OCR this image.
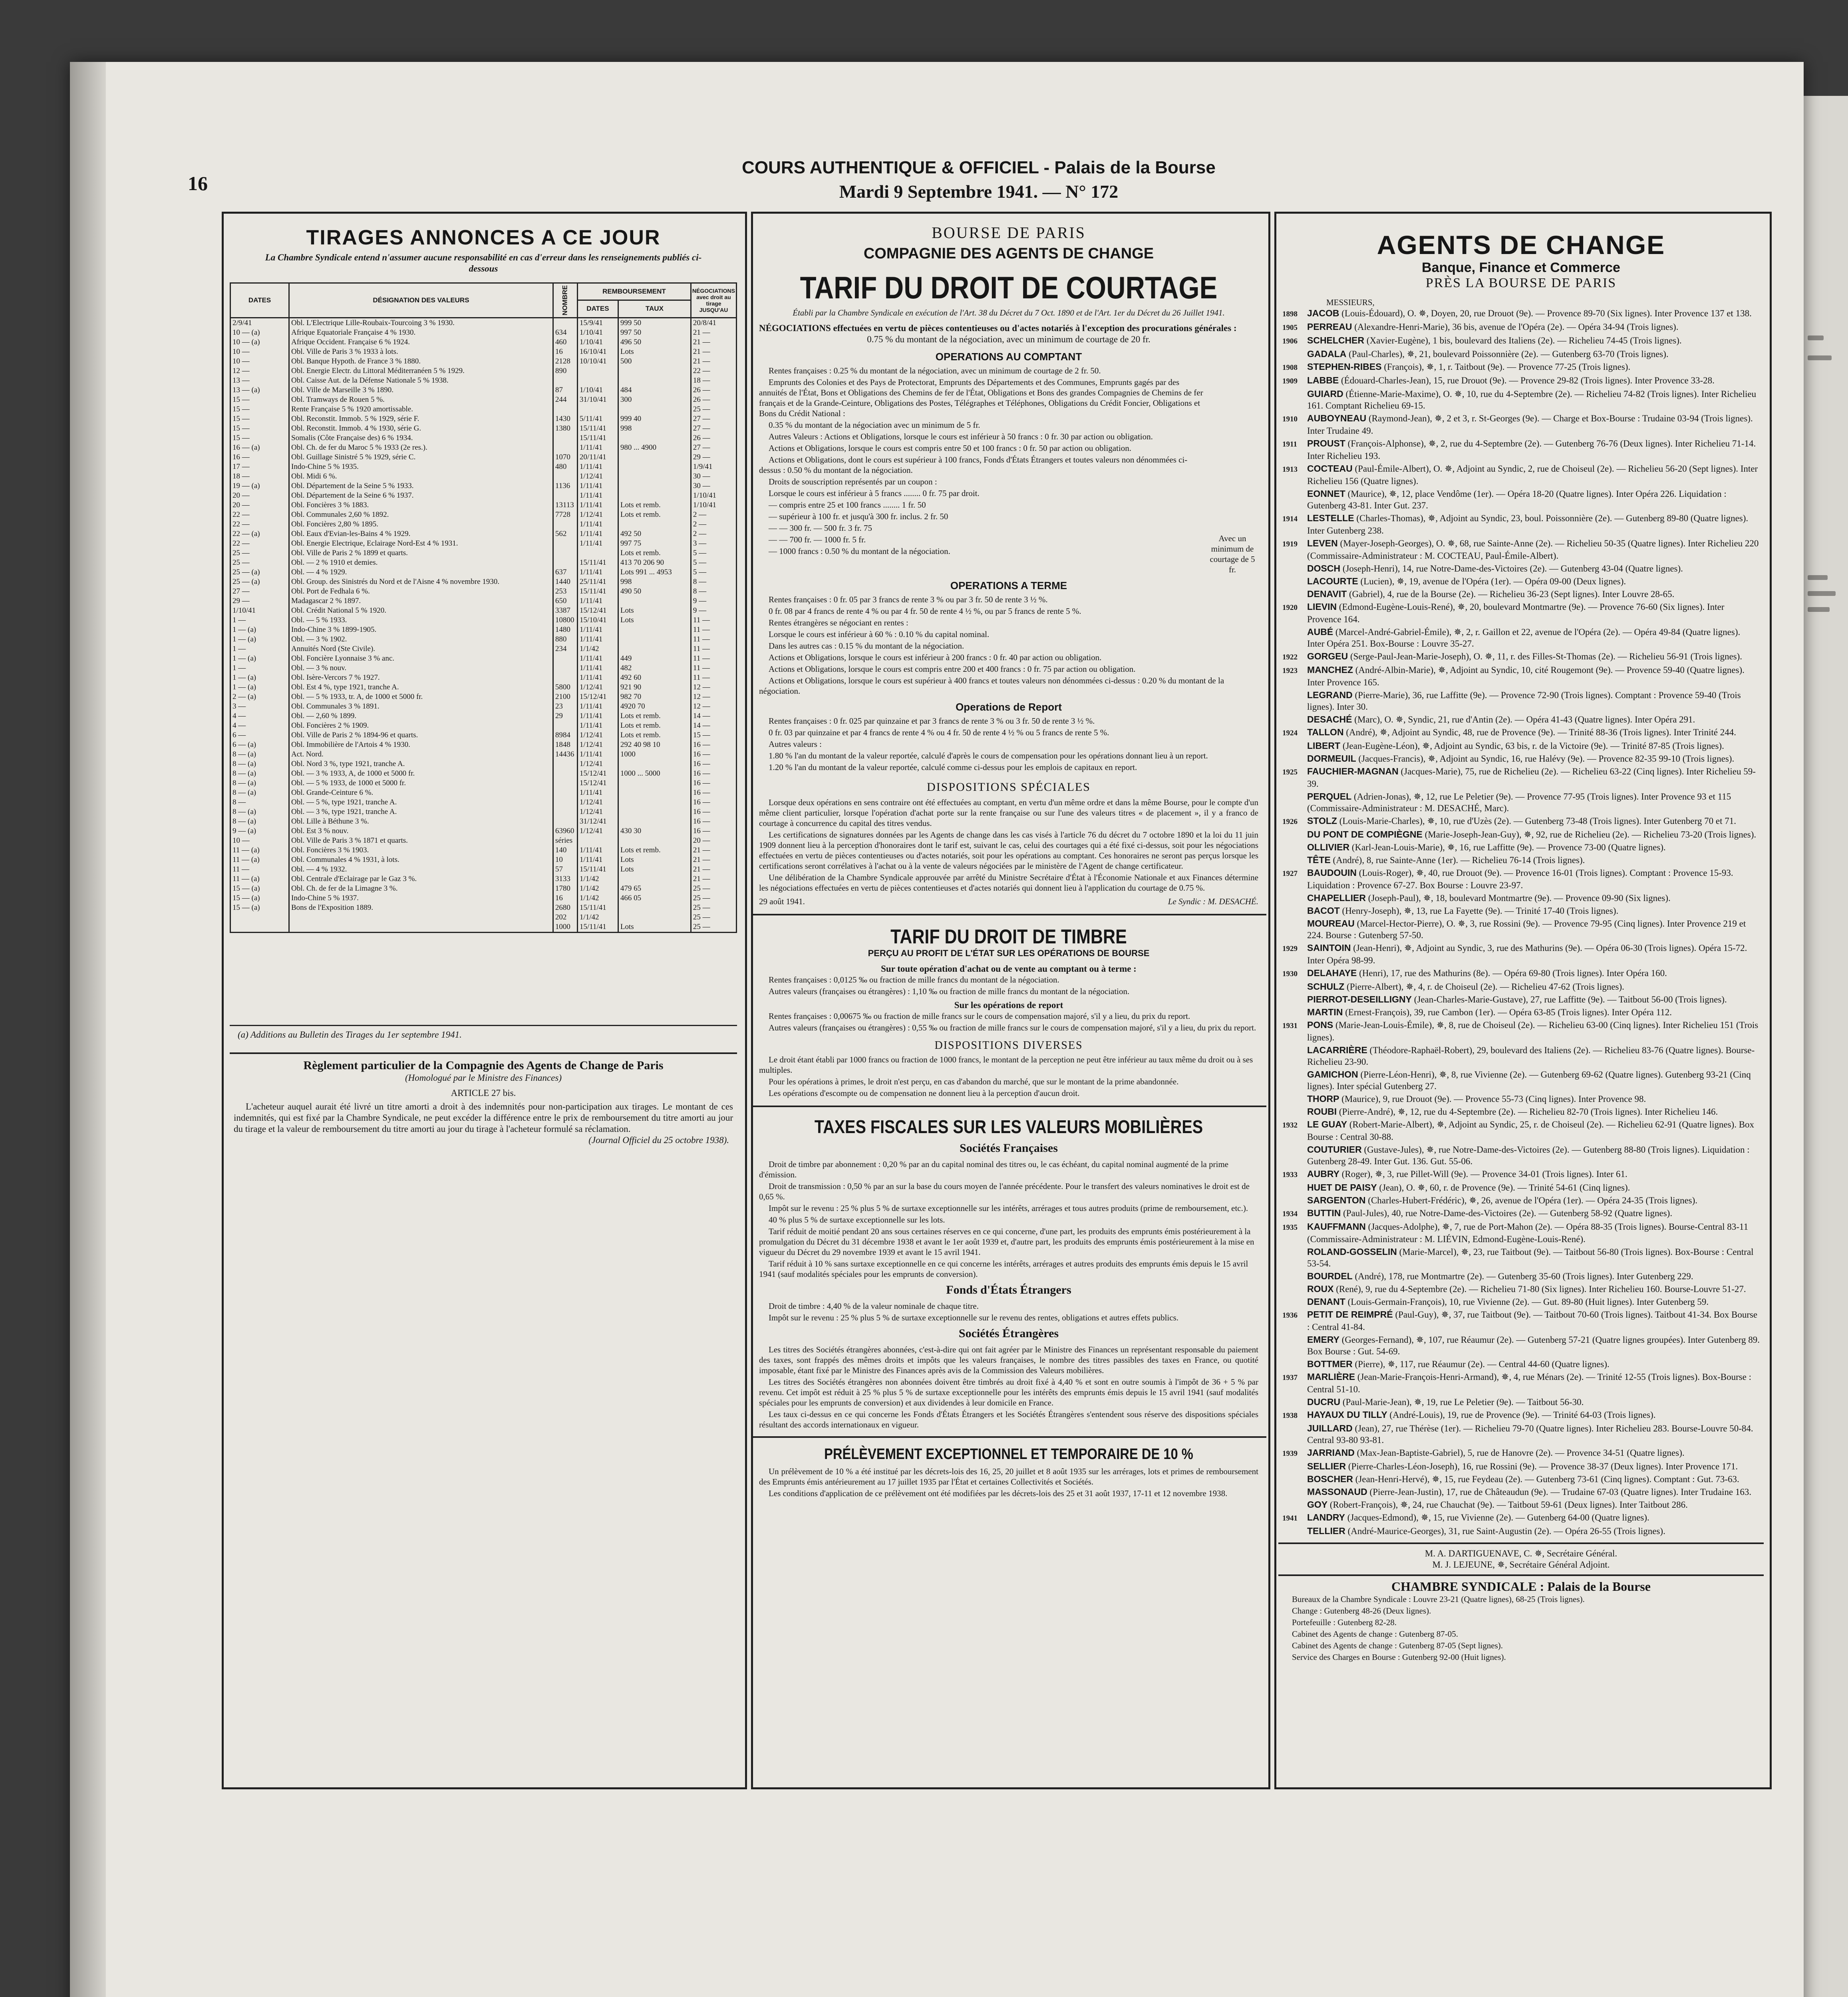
16
COURS AUTHENTIQUE & OFFICIEL - Palais de la Bourse
Mardi 9 Septembre 1941. — N° 172
TIRAGES ANNONCES A CE JOUR
La Chambre Syndicale entend n'assumer aucune responsabilité en cas d'erreur dans les renseignements publiés ci-dessous
DATES	DÉSIGNATION DES VALEURS	NOMBRE	REMBOURSEMENT		NÉGOCIATIONS avec droit au tirage JUSQU'AU
			DATES	TAUX	
2/9/41	Obl. L'Electrique Lille-Roubaix-Tourcoing 3 % 1930.		15/9/41	999 50	20/8/41
10 — (a)	Afrique Equatoriale Française 4 % 1930.	634	1/10/41	997 50	21 —
10 — (a)	Afrique Occident. Française 6 % 1924.	460	1/10/41	496 50	21 —
10 —	Obl. Ville de Paris 3 % 1933 à lots.	16	16/10/41	Lots	21 —
10 —	Obl. Banque Hypoth. de France 3 % 1880.	2128	10/10/41	500	21 —
12 —	Obl. Energie Electr. du Littoral Méditerranéen 5 % 1929.	890			22 —
13 —	Obl. Caisse Aut. de la Défense Nationale 5 % 1938.				18 —
13 — (a)	Obl. Ville de Marseille 3 % 1890.	87	1/10/41	484	26 —
15 —	Obl. Tramways de Rouen 5 %.	244	31/10/41	300	26 —
15 —	Rente Française 5 % 1920 amortissable.				25 —
15 —	Obl. Reconstit. Immob. 5 % 1929, série F.	1430	5/11/41	999 40	27 —
15 —	Obl. Reconstit. Immob. 4 % 1930, série G.	1380	15/11/41	998	27 —
15 —	Somalis (Côte Française des) 6 % 1934.		15/11/41		26 —
16 — (a)	Obl. Ch. de fer du Maroc 5 % 1933 (2e res.).		1/11/41	980 ... 4900	27 —
16 —	Obl. Guillage Sinistré 5 % 1929, série C.	1070	20/11/41		29 —
17 —	Indo-Chine 5 % 1935.	480	1/11/41		1/9/41
18 —	Obl. Midi 6 %.		1/12/41		30 —
19 — (a)	Obl. Département de la Seine 5 % 1933.	1136	1/11/41		30 —
20 —	Obl. Département de la Seine 6 % 1937.		1/11/41		1/10/41
20 —	Obl. Foncières 3 % 1883.	13113	1/11/41	Lots et remb.	1/10/41
22 —	Obl. Communales 2,60 % 1892.	7728	1/12/41	Lots et remb.	2 —
22 —	Obl. Foncières 2,80 % 1895.		1/11/41		2 —
22 — (a)	Obl. Eaux d'Evian-les-Bains 4 % 1929.	562	1/11/41	492 50	2 —
22 —	Obl. Energie Electrique, Eclairage Nord-Est 4 % 1931.		1/11/41	997 75	3 —
25 —	Obl. Ville de Paris 2 % 1899 et quarts.			Lots et remb.	5 —
25 —	Obl. — 2 % 1910 et demies.		15/11/41	413 70 206 90	5 —
25 — (a)	Obl. — 4 % 1929.	637	1/11/41	Lots 991 ... 4953	5 —
25 — (a)	Obl. Group. des Sinistrés du Nord et de l'Aisne 4 % novembre 1930.	1440	25/11/41	998	8 —
27 —	Obl. Port de Fedhala 6 %.	253	15/11/41	490 50	8 —
29 —	Madagascar 2 % 1897.	650	1/11/41		9 —
1/10/41	Obl. Crédit National 5 % 1920.	3387	15/12/41	Lots	9 —
1 —	Obl. — 5 % 1933.	10800	15/10/41	Lots	11 —
1 — (a)	Indo-Chine 3 % 1899-1905.	1480	1/11/41		11 —
1 — (a)	Obl. — 3 % 1902.	880	1/11/41		11 —
1 —	Annuités Nord (Ste Civile).	234	1/1/42		11 —
1 — (a)	Obl. Foncière Lyonnaise 3 % anc.		1/11/41	449	11 —
1 —	Obl. — 3 % nouv.		1/11/41	482	11 —
1 — (a)	Obl. Isère-Vercors 7 % 1927.		1/11/41	492 60	11 —
1 — (a)	Obl. Est 4 %, type 1921, tranche A.	5800	1/12/41	921 90	12 —
2 — (a)	Obl. — 5 % 1933, tr. A, de 1000 et 5000 fr.	2100	15/12/41	982 70	12 —
3 —	Obl. Communales 3 % 1891.	23	1/11/41	4920 70	12 —
4 —	Obl. — 2,60 % 1899.	29	1/11/41	Lots et remb.	14 —
4 —	Obl. Foncières 2 % 1909.		1/11/41	Lots et remb.	14 —
6 —	Obl. Ville de Paris 2 % 1894-96 et quarts.	8984	1/12/41	Lots et remb.	15 —
6 — (a)	Obl. Immobilière de l'Artois 4 % 1930.	1848	1/12/41	292 40 98 10	16 —
8 — (a)	Act. Nord.	14436	1/11/41	1000	16 —
8 — (a)	Obl. Nord 3 %, type 1921, tranche A.		1/12/41		16 —
8 — (a)	Obl. — 3 % 1933, A, de 1000 et 5000 fr.		15/12/41	1000 ... 5000	16 —
8 — (a)	Obl. — 5 % 1933, de 1000 et 5000 fr.		15/12/41		16 —
8 — (a)	Obl. Grande-Ceinture 6 %.		1/11/41		16 —
8 —	Obl. — 5 %, type 1921, tranche A.		1/12/41		16 —
8 — (a)	Obl. — 3 %, type 1921, tranche A.		1/12/41		16 —
8 — (a)	Obl. Lille à Béthune 3 %.		31/12/41		16 —
9 — (a)	Obl. Est 3 % nouv.	63960	1/12/41	430 30	16 —
10 —	Obl. Ville de Paris 3 % 1871 et quarts.	séries			20 —
11 — (a)	Obl. Foncières 3 % 1903.	140	1/11/41	Lots et remb.	21 —
11 — (a)	Obl. Communales 4 % 1931, à lots.	10	1/11/41	Lots	21 —
11 —	Obl. — 4 % 1932.	57	15/11/41	Lots	21 —
11 — (a)	Obl. Centrale d'Eclairage par le Gaz 3 %.	3133	1/1/42		21 —
15 — (a)	Obl. Ch. de fer de la Limagne 3 %.	1780	1/1/42	479 65	25 —
15 — (a)	Indo-Chine 5 % 1937.	16	1/1/42	466 05	25 —
15 — (a)	Bons de l'Exposition 1889.	2680	15/11/41		25 —
		202	1/1/42		25 —
		1000	15/11/41	Lots	25 —
(a) Additions au Bulletin des Tirages du 1er septembre 1941.
Règlement particulier de la Compagnie des Agents de Change de Paris
(Homologué par le Ministre des Finances)
ARTICLE 27 bis.
L'acheteur auquel aurait été livré un titre amorti a droit à des indemnités pour non-participation aux tirages. Le montant de ces indemnités, qui est fixé par la Chambre Syndicale, ne peut excéder la différence entre le prix de remboursement du titre amorti au jour du tirage et la valeur de remboursement du titre amorti au jour du tirage à l'acheteur formulé sa réclamation.
(Journal Officiel du 25 octobre 1938).
BOURSE DE PARIS
COMPAGNIE DES AGENTS DE CHANGE
TARIF DU DROIT DE COURTAGE
Établi par la Chambre Syndicale en exécution de l'Art. 38 du Décret du 7 Oct. 1890 et de l'Art. 1er du Décret du 26 Juillet 1941.
NÉGOCIATIONS effectuées en vertu de pièces contentieuses ou d'actes notariés à l'exception des procurations générales :
0.75 % du montant de la négociation, avec un minimum de courtage de 20 fr.
OPERATIONS AU COMPTANT
Rentes françaises : 0.25 % du montant de la négociation, avec un minimum de courtage de 2 fr. 50.
Emprunts des Colonies et des Pays de Protectorat, Emprunts des Départements et des Communes, Emprunts gagés par des annuités de l'État, Bons et Obligations des Chemins de fer de l'État, Obligations et Bons des grandes Compagnies de Chemins de fer français et de la Grande-Ceinture, Obligations des Postes, Télégraphes et Téléphones, Obligations du Crédit Foncier, Obligations et Bons du Crédit National :
0.35 % du montant de la négociation avec un minimum de 5 fr.
Autres Valeurs : Actions et Obligations, lorsque le cours est inférieur à 50 francs : 0 fr. 30 par action ou obligation.
Actions et Obligations, lorsque le cours est compris entre 50 et 100 francs : 0 fr. 50 par action ou obligation.
Actions et Obligations, dont le cours est supérieur à 100 francs, Fonds d'États Étrangers et toutes valeurs non dénommées ci-dessus : 0.50 % du montant de la négociation.
Droits de souscription représentés par un coupon :
Lorsque le cours est inférieur à 5 francs ........ 0 fr. 75 par droit.
— compris entre 25 et 100 francs ........ 1 fr. 50
— supérieur à 100 fr. et jusqu'à 300 fr. inclus. 2 fr. 50
— — 300 fr. — 500 fr. 3 fr. 75
— — 700 fr. — 1000 fr. 5 fr.
— 1000 francs : 0.50 % du montant de la négociation.
Avec un minimum de courtage de 5 fr.
OPERATIONS A TERME
Rentes françaises : 0 fr. 05 par 3 francs de rente 3 % ou par 3 fr. 50 de rente 3 ½ %.
0 fr. 08 par 4 francs de rente 4 % ou par 4 fr. 50 de rente 4 ½ %, ou par 5 francs de rente 5 %.
Rentes étrangères se négociant en rentes :
Lorsque le cours est inférieur à 60 % : 0.10 % du capital nominal.
Dans les autres cas : 0.15 % du montant de la négociation.
Actions et Obligations, lorsque le cours est inférieur à 200 francs : 0 fr. 40 par action ou obligation.
Actions et Obligations, lorsque le cours est compris entre 200 et 400 francs : 0 fr. 75 par action ou obligation.
Actions et Obligations, lorsque le cours est supérieur à 400 francs et toutes valeurs non dénommées ci-dessus : 0.20 % du montant de la négociation.
Operations de Report
Rentes françaises : 0 fr. 025 par quinzaine et par 3 francs de rente 3 % ou 3 fr. 50 de rente 3 ½ %.
0 fr. 03 par quinzaine et par 4 francs de rente 4 % ou 4 fr. 50 de rente 4 ½ % ou 5 francs de rente 5 %.
Autres valeurs :
1.80 % l'an du montant de la valeur reportée, calculé d'après le cours de compensation pour les opérations donnant lieu à un report.
1.20 % l'an du montant de la valeur reportée, calculé comme ci-dessus pour les emplois de capitaux en report.
DISPOSITIONS SPÉCIALES
Lorsque deux opérations en sens contraire ont été effectuées au comptant, en vertu d'un même ordre et dans la même Bourse, pour le compte d'un même client particulier, lorsque l'opération d'achat porte sur la rente française ou sur l'une des valeurs titres « de placement », il y a franco de courtage à concurrence du capital des titres vendus.
Les certifications de signatures données par les Agents de change dans les cas visés à l'article 76 du décret du 7 octobre 1890 et la loi du 11 juin 1909 donnent lieu à la perception d'honoraires dont le tarif est, suivant le cas, celui des courtages qui a été fixé ci-dessus, soit pour les négociations effectuées en vertu de pièces contentieuses ou d'actes notariés, soit pour les opérations au comptant. Ces honoraires ne seront pas perçus lorsque les certifications seront corrélatives à l'achat ou à la vente de valeurs négociées par le ministère de l'Agent de change certificateur.
Une délibération de la Chambre Syndicale approuvée par arrêté du Ministre Secrétaire d'État à l'Économie Nationale et aux Finances détermine les négociations effectuées en vertu de pièces contentieuses et d'actes notariés qui donnent lieu à l'application du courtage de 0.75 %.
29 août 1941.	Le Syndic : M. DESACHÉ.
TARIF DU DROIT DE TIMBRE
PERÇU AU PROFIT DE L'ÉTAT SUR LES OPÉRATIONS DE BOURSE
Sur toute opération d'achat ou de vente au comptant ou à terme :
Rentes françaises : 0,0125 ‰ ou fraction de mille francs du montant de la négociation.
Autres valeurs (françaises ou étrangères) : 1,10 ‰ ou fraction de mille francs du montant de la négociation.
Sur les opérations de report
Rentes françaises : 0,00675 ‰ ou fraction de mille francs sur le cours de compensation majoré, s'il y a lieu, du prix du report.
Autres valeurs (françaises ou étrangères) : 0,55 ‰ ou fraction de mille francs sur le cours de compensation majoré, s'il y a lieu, du prix du report.
DISPOSITIONS DIVERSES
Le droit étant établi par 1000 francs ou fraction de 1000 francs, le montant de la perception ne peut être inférieur au taux même du droit ou à ses multiples.
Pour les opérations à primes, le droit n'est perçu, en cas d'abandon du marché, que sur le montant de la prime abandonnée.
Les opérations d'escompte ou de compensation ne donnent lieu à la perception d'aucun droit.
TAXES FISCALES SUR LES VALEURS MOBILIÈRES
Sociétés Françaises
Droit de timbre par abonnement : 0,20 % par an du capital nominal des titres ou, le cas échéant, du capital nominal augmenté de la prime d'émission.
Droit de transmission : 0,50 % par an sur la base du cours moyen de l'année précédente. Pour le transfert des valeurs nominatives le droit est de 0,65 %.
Impôt sur le revenu : 25 % plus 5 % de surtaxe exceptionnelle sur les intérêts, arrérages et tous autres produits (prime de remboursement, etc.).
40 % plus 5 % de surtaxe exceptionnelle sur les lots.
Tarif réduit de moitié pendant 20 ans sous certaines réserves en ce qui concerne, d'une part, les produits des emprunts émis postérieurement à la promulgation du Décret du 31 décembre 1938 et avant le 1er août 1939 et, d'autre part, les produits des emprunts émis postérieurement à la mise en vigueur du Décret du 29 novembre 1939 et avant le 15 avril 1941.
Tarif réduit à 10 % sans surtaxe exceptionnelle en ce qui concerne les intérêts, arrérages et autres produits des emprunts émis depuis le 15 avril 1941 (sauf modalités spéciales pour les emprunts de conversion).
Fonds d'États Étrangers
Droit de timbre : 4,40 % de la valeur nominale de chaque titre.
Impôt sur le revenu : 25 % plus 5 % de surtaxe exceptionnelle sur le revenu des rentes, obligations et autres effets publics.
Sociétés Étrangères
Les titres des Sociétés étrangères abonnées, c'est-à-dire qui ont fait agréer par le Ministre des Finances un représentant responsable du paiement des taxes, sont frappés des mêmes droits et impôts que les valeurs françaises, le nombre des titres passibles des taxes en France, ou quotité imposable, étant fixé par le Ministre des Finances après avis de la Commission des Valeurs mobilières.
Les titres des Sociétés étrangères non abonnées doivent être timbrés au droit fixé à 4,40 % et sont en outre soumis à l'impôt de 36 + 5 % par revenu. Cet impôt est réduit à 25 % plus 5 % de surtaxe exceptionnelle pour les intérêts des emprunts émis depuis le 15 avril 1941 (sauf modalités spéciales pour les emprunts de conversion) et aux dividendes à leur domicile en France.
Les taux ci-dessus en ce qui concerne les Fonds d'États Étrangers et les Sociétés Étrangères s'entendent sous réserve des dispositions spéciales résultant des accords internationaux en vigueur.
PRÉLÈVEMENT EXCEPTIONNEL ET TEMPORAIRE DE 10 %
Un prélèvement de 10 % a été institué par les décrets-lois des 16, 25, 20 juillet et 8 août 1935 sur les arrérages, lots et primes de remboursement des Emprunts émis antérieurement au 17 juillet 1935 par l'État et certaines Collectivités et Sociétés.
Les conditions d'application de ce prélèvement ont été modifiées par les décrets-lois des 25 et 31 août 1937, 17-11 et 12 novembre 1938.
AGENTS DE CHANGE
Banque, Finance et Commerce
PRÈS LA BOURSE DE PARIS
MESSIEURS,
1898 JACOB (Louis-Édouard), O. ✵, Doyen, 20, rue Drouot (9e). — Provence 89-70 (Six lignes). Inter Provence 137 et 138.
1905 PERREAU (Alexandre-Henri-Marie), 36 bis, avenue de l'Opéra (2e). — Opéra 34-94 (Trois lignes).
1906 SCHELCHER (Xavier-Eugène), 1 bis, boulevard des Italiens (2e). — Richelieu 74-45 (Trois lignes).
GADALA (Paul-Charles), ✵, 21, boulevard Poissonnière (2e). — Gutenberg 63-70 (Trois lignes).
1908 STEPHEN-RIBES (François), ✵, 1, r. Taitbout (9e). — Provence 77-25 (Trois lignes).
1909 LABBE (Édouard-Charles-Jean), 15, rue Drouot (9e). — Provence 29-82 (Trois lignes). Inter Provence 33-28.
GUIARD (Étienne-Marie-Maxime), O. ✵, 10, rue du 4-Septembre (2e). — Richelieu 74-82 (Trois lignes). Inter Richelieu 161. Comptant Richelieu 69-15.
1910 AUBOYNEAU (Raymond-Jean), ✵, 2 et 3, r. St-Georges (9e). — Charge et Box-Bourse : Trudaine 03-94 (Trois lignes). Inter Trudaine 49.
1911 PROUST (François-Alphonse), ✵, 2, rue du 4-Septembre (2e). — Gutenberg 76-76 (Deux lignes). Inter Richelieu 71-14. Inter Richelieu 193.
1913 COCTEAU (Paul-Émile-Albert), O. ✵, Adjoint au Syndic, 2, rue de Choiseul (2e). — Richelieu 56-20 (Sept lignes). Inter Richelieu 156 (Quatre lignes).
EONNET (Maurice), ✵, 12, place Vendôme (1er). — Opéra 18-20 (Quatre lignes). Inter Opéra 226. Liquidation : Gutenberg 43-81. Inter Gut. 237.
1914 LESTELLE (Charles-Thomas), ✵, Adjoint au Syndic, 23, boul. Poissonnière (2e). — Gutenberg 89-80 (Quatre lignes). Inter Gutenberg 238.
1919 LEVEN (Mayer-Joseph-Georges), O. ✵, 68, rue Sainte-Anne (2e). — Richelieu 50-35 (Quatre lignes). Inter Richelieu 220 (Commissaire-Administrateur : M. COCTEAU, Paul-Émile-Albert).
DOSCH (Joseph-Henri), 14, rue Notre-Dame-des-Victoires (2e). — Gutenberg 43-04 (Quatre lignes).
LACOURTE (Lucien), ✵, 19, avenue de l'Opéra (1er). — Opéra 09-00 (Deux lignes).
DENAVIT (Gabriel), 4, rue de la Bourse (2e). — Richelieu 36-23 (Sept lignes). Inter Louvre 28-65.
1920 LIEVIN (Edmond-Eugène-Louis-René), ✵, 20, boulevard Montmartre (9e). — Provence 76-60 (Six lignes). Inter Provence 164.
AUBÉ (Marcel-André-Gabriel-Émile), ✵, 2, r. Gaillon et 22, avenue de l'Opéra (2e). — Opéra 49-84 (Quatre lignes). Inter Opéra 251. Box-Bourse : Louvre 35-27.
1922 GORGEU (Serge-Paul-Jean-Marie-Joseph), O. ✵, 11, r. des Filles-St-Thomas (2e). — Richelieu 56-91 (Trois lignes).
1923 MANCHEZ (André-Albin-Marie), ✵, Adjoint au Syndic, 10, cité Rougemont (9e). — Provence 59-40 (Quatre lignes). Inter Provence 165.
LEGRAND (Pierre-Marie), 36, rue Laffitte (9e). — Provence 72-90 (Trois lignes). Comptant : Provence 59-40 (Trois lignes). Inter 30.
DESACHÉ (Marc), O. ✵, Syndic, 21, rue d'Antin (2e). — Opéra 41-43 (Quatre lignes). Inter Opéra 291.
1924 TALLON (André), ✵, Adjoint au Syndic, 48, rue de Provence (9e). — Trinité 88-36 (Trois lignes). Inter Trinité 244.
LIBERT (Jean-Eugène-Léon), ✵, Adjoint au Syndic, 63 bis, r. de la Victoire (9e). — Trinité 87-85 (Trois lignes).
DORMEUIL (Jacques-Francis), ✵, Adjoint au Syndic, 16, rue Halévy (9e). — Provence 82-35 99-10 (Trois lignes).
1925 FAUCHIER-MAGNAN (Jacques-Marie), 75, rue de Richelieu (2e). — Richelieu 63-22 (Cinq lignes). Inter Richelieu 59-39.
PERQUEL (Adrien-Jonas), ✵, 12, rue Le Peletier (9e). — Provence 77-95 (Trois lignes). Inter Provence 93 et 115 (Commissaire-Administrateur : M. DESACHÉ, Marc).
1926 STOLZ (Louis-Marie-Charles), ✵, 10, rue d'Uzès (2e). — Gutenberg 73-48 (Trois lignes). Inter Gutenberg 70 et 71.
DU PONT DE COMPIÈGNE (Marie-Joseph-Jean-Guy), ✵, 92, rue de Richelieu (2e). — Richelieu 73-20 (Trois lignes).
OLLIVIER (Karl-Jean-Louis-Marie), ✵, 16, rue Laffitte (9e). — Provence 73-00 (Quatre lignes).
TÊTE (André), 8, rue Sainte-Anne (1er). — Richelieu 76-14 (Trois lignes).
1927 BAUDOUIN (Louis-Roger), ✵, 40, rue Drouot (9e). — Provence 16-01 (Trois lignes). Comptant : Provence 15-93. Liquidation : Provence 67-27. Box Bourse : Louvre 23-97.
CHAPELLIER (Joseph-Paul), ✵, 18, boulevard Montmartre (9e). — Provence 09-90 (Six lignes).
BACOT (Henry-Joseph), ✵, 13, rue La Fayette (9e). — Trinité 17-40 (Trois lignes).
MOUREAU (Marcel-Hector-Pierre), O. ✵, 3, rue Rossini (9e). — Provence 79-95 (Cinq lignes). Inter Provence 219 et 224. Bourse : Gutenberg 57-50.
1929 SAINTOIN (Jean-Henri), ✵, Adjoint au Syndic, 3, rue des Mathurins (9e). — Opéra 06-30 (Trois lignes). Opéra 15-72. Inter Opéra 98-99.
1930 DELAHAYE (Henri), 17, rue des Mathurins (8e). — Opéra 69-80 (Trois lignes). Inter Opéra 160.
SCHULZ (Pierre-Albert), ✵, 4, r. de Choiseul (2e). — Richelieu 47-62 (Trois lignes).
PIERROT-DESEILLIGNY (Jean-Charles-Marie-Gustave), 27, rue Laffitte (9e). — Taitbout 56-00 (Trois lignes).
MARTIN (Ernest-François), 39, rue Cambon (1er). — Opéra 63-85 (Trois lignes). Inter Opéra 112.
1931 PONS (Marie-Jean-Louis-Émile), ✵, 8, rue de Choiseul (2e). — Richelieu 63-00 (Cinq lignes). Inter Richelieu 151 (Trois lignes).
LACARRIÈRE (Théodore-Raphaël-Robert), 29, boulevard des Italiens (2e). — Richelieu 83-76 (Quatre lignes). Bourse-Richelieu 23-90.
GAMICHON (Pierre-Léon-Henri), ✵, 8, rue Vivienne (2e). — Gutenberg 69-62 (Quatre lignes). Gutenberg 93-21 (Cinq lignes). Inter spécial Gutenberg 27.
THORP (Maurice), 9, rue Drouot (9e). — Provence 55-73 (Cinq lignes). Inter Provence 98.
ROUBI (Pierre-André), ✵, 12, rue du 4-Septembre (2e). — Richelieu 82-70 (Trois lignes). Inter Richelieu 146.
1932 LE GUAY (Robert-Marie-Albert), ✵, Adjoint au Syndic, 25, r. de Choiseul (2e). — Richelieu 62-91 (Quatre lignes). Box Bourse : Central 30-88.
COUTURIER (Gustave-Jules), ✵, rue Notre-Dame-des-Victoires (2e). — Gutenberg 88-80 (Trois lignes). Liquidation : Gutenberg 28-49. Inter Gut. 136. Gut. 55-06.
1933 AUBRY (Roger), ✵, 3, rue Pillet-Will (9e). — Provence 34-01 (Trois lignes). Inter 61.
HUET DE PAISY (Jean), O. ✵, 60, r. de Provence (9e). — Trinité 54-61 (Cinq lignes).
SARGENTON (Charles-Hubert-Frédéric), ✵, 26, avenue de l'Opéra (1er). — Opéra 24-35 (Trois lignes).
1934 BUTTIN (Paul-Jules), 40, rue Notre-Dame-des-Victoires (2e). — Gutenberg 58-92 (Quatre lignes).
1935 KAUFFMANN (Jacques-Adolphe), ✵, 7, rue de Port-Mahon (2e). — Opéra 88-35 (Trois lignes). Bourse-Central 83-11 (Commissaire-Administrateur : M. LIÉVIN, Edmond-Eugène-Louis-René).
ROLAND-GOSSELIN (Marie-Marcel), ✵, 23, rue Taitbout (9e). — Taitbout 56-80 (Trois lignes). Box-Bourse : Central 53-54.
BOURDEL (André), 178, rue Montmartre (2e). — Gutenberg 35-60 (Trois lignes). Inter Gutenberg 229.
ROUX (René), 9, rue du 4-Septembre (2e). — Richelieu 71-80 (Six lignes). Inter Richelieu 160. Bourse-Louvre 51-27.
DENANT (Louis-Germain-François), 10, rue Vivienne (2e). — Gut. 89-80 (Huit lignes). Inter Gutenberg 59.
1936 PETIT DE REIMPRÉ (Paul-Guy), ✵, 37, rue Taitbout (9e). — Taitbout 70-60 (Trois lignes). Taitbout 41-34. Box Bourse : Central 41-84.
EMERY (Georges-Fernand), ✵, 107, rue Réaumur (2e). — Gutenberg 57-21 (Quatre lignes groupées). Inter Gutenberg 89. Box Bourse : Gut. 54-69.
BOTTMER (Pierre), ✵, 117, rue Réaumur (2e). — Central 44-60 (Quatre lignes).
1937 MARLIÈRE (Jean-Marie-François-Henri-Armand), ✵, 4, rue Ménars (2e). — Trinité 12-55 (Trois lignes). Box-Bourse : Central 51-10.
DUCRU (Paul-Marie-Jean), ✵, 19, rue Le Peletier (9e). — Taitbout 56-30.
1938 HAYAUX DU TILLY (André-Louis), 19, rue de Provence (9e). — Trinité 64-03 (Trois lignes).
JUILLARD (Jean), 27, rue Thérèse (1er). — Richelieu 79-70 (Quatre lignes). Inter Richelieu 283. Bourse-Louvre 50-84. Central 93-80 93-81.
1939 JARRIAND (Max-Jean-Baptiste-Gabriel), 5, rue de Hanovre (2e). — Provence 34-51 (Quatre lignes).
SELLIER (Pierre-Charles-Léon-Joseph), 16, rue Rossini (9e). — Provence 38-37 (Deux lignes). Inter Provence 171.
BOSCHER (Jean-Henri-Hervé), ✵, 15, rue Feydeau (2e). — Gutenberg 73-61 (Cinq lignes). Comptant : Gut. 73-63.
MASSONAUD (Pierre-Jean-Justin), 17, rue de Châteaudun (9e). — Trudaine 67-03 (Quatre lignes). Inter Trudaine 163.
GOY (Robert-François), ✵, 24, rue Chauchat (9e). — Taitbout 59-61 (Deux lignes). Inter Taitbout 286.
1941 LANDRY (Jacques-Edmond), ✵, 15, rue Vivienne (2e). — Gutenberg 64-00 (Quatre lignes).
TELLIER (André-Maurice-Georges), 31, rue Saint-Augustin (2e). — Opéra 26-55 (Trois lignes).
M. A. DARTIGUENAVE, C. ✵, Secrétaire Général.
M. J. LEJEUNE, ✵, Secrétaire Général Adjoint.
CHAMBRE SYNDICALE : Palais de la Bourse
Bureaux de la Chambre Syndicale : Louvre 23-21 (Quatre lignes), 68-25 (Trois lignes).
Change : Gutenberg 48-26 (Deux lignes).
Portefeuille : Gutenberg 82-28.
Cabinet des Agents de change : Gutenberg 87-05.
Cabinet des Agents de change : Gutenberg 87-05 (Sept lignes).
Service des Charges en Bourse : Gutenberg 92-00 (Huit lignes).
